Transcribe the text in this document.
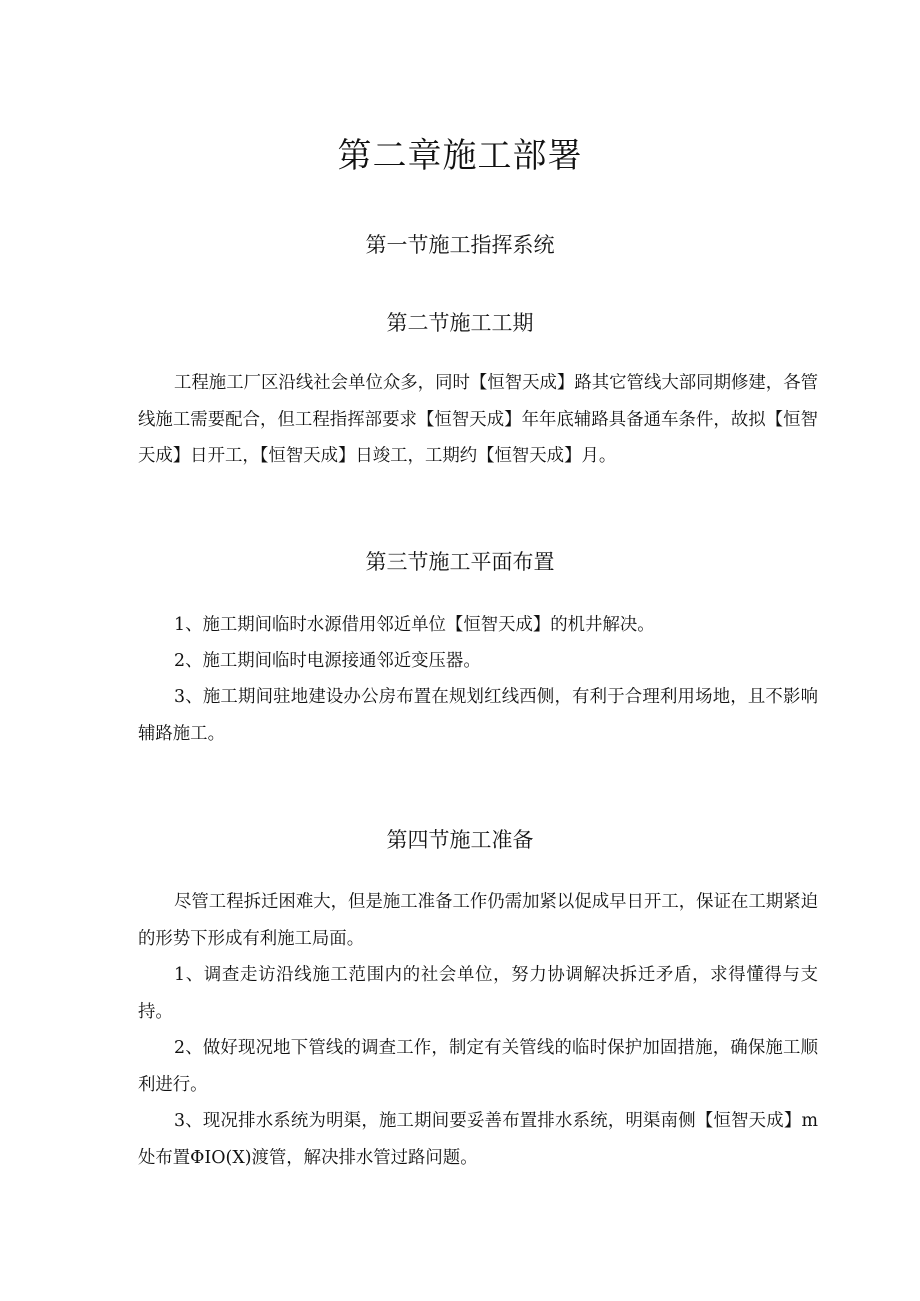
第二章施工部署
第一节施工指挥系统
第二节施工工期

工程施工厂区沿线社会单位众多，同时【恒智天成】路其它管线大部同期修建，各管线施工需要配合，但工程指挥部要求【恒智天成】年年底辅路具备通车条件，故拟【恒智天成】日开工，【恒智天成】日竣工，工期约【恒智天成】月。

第三节施工平面布置

1、施工期间临时水源借用邻近单位【恒智天成】的机井解决。

2、施工期间临时电源接通邻近变压器。

3、施工期间驻地建设办公房布置在规划红线西侧，有利于合理利用场地，且不影响辅路施工。

第四节施工准备

尽管工程拆迁困难大，但是施工准备工作仍需加紧以促成早日开工，保证在工期紧迫的形势下形成有利施工局面。

1、调查走访沿线施工范围内的社会单位，努力协调解决拆迁矛盾，求得懂得与支持。

2、做好现况地下管线的调查工作，制定有关管线的临时保护加固措施，确保施工顺利进行。

3、现况排水系统为明渠，施工期间要妥善布置排水系统，明渠南侧【恒智天成】m处布置ΦIO(X)渡管，解决排水管过路问题。
